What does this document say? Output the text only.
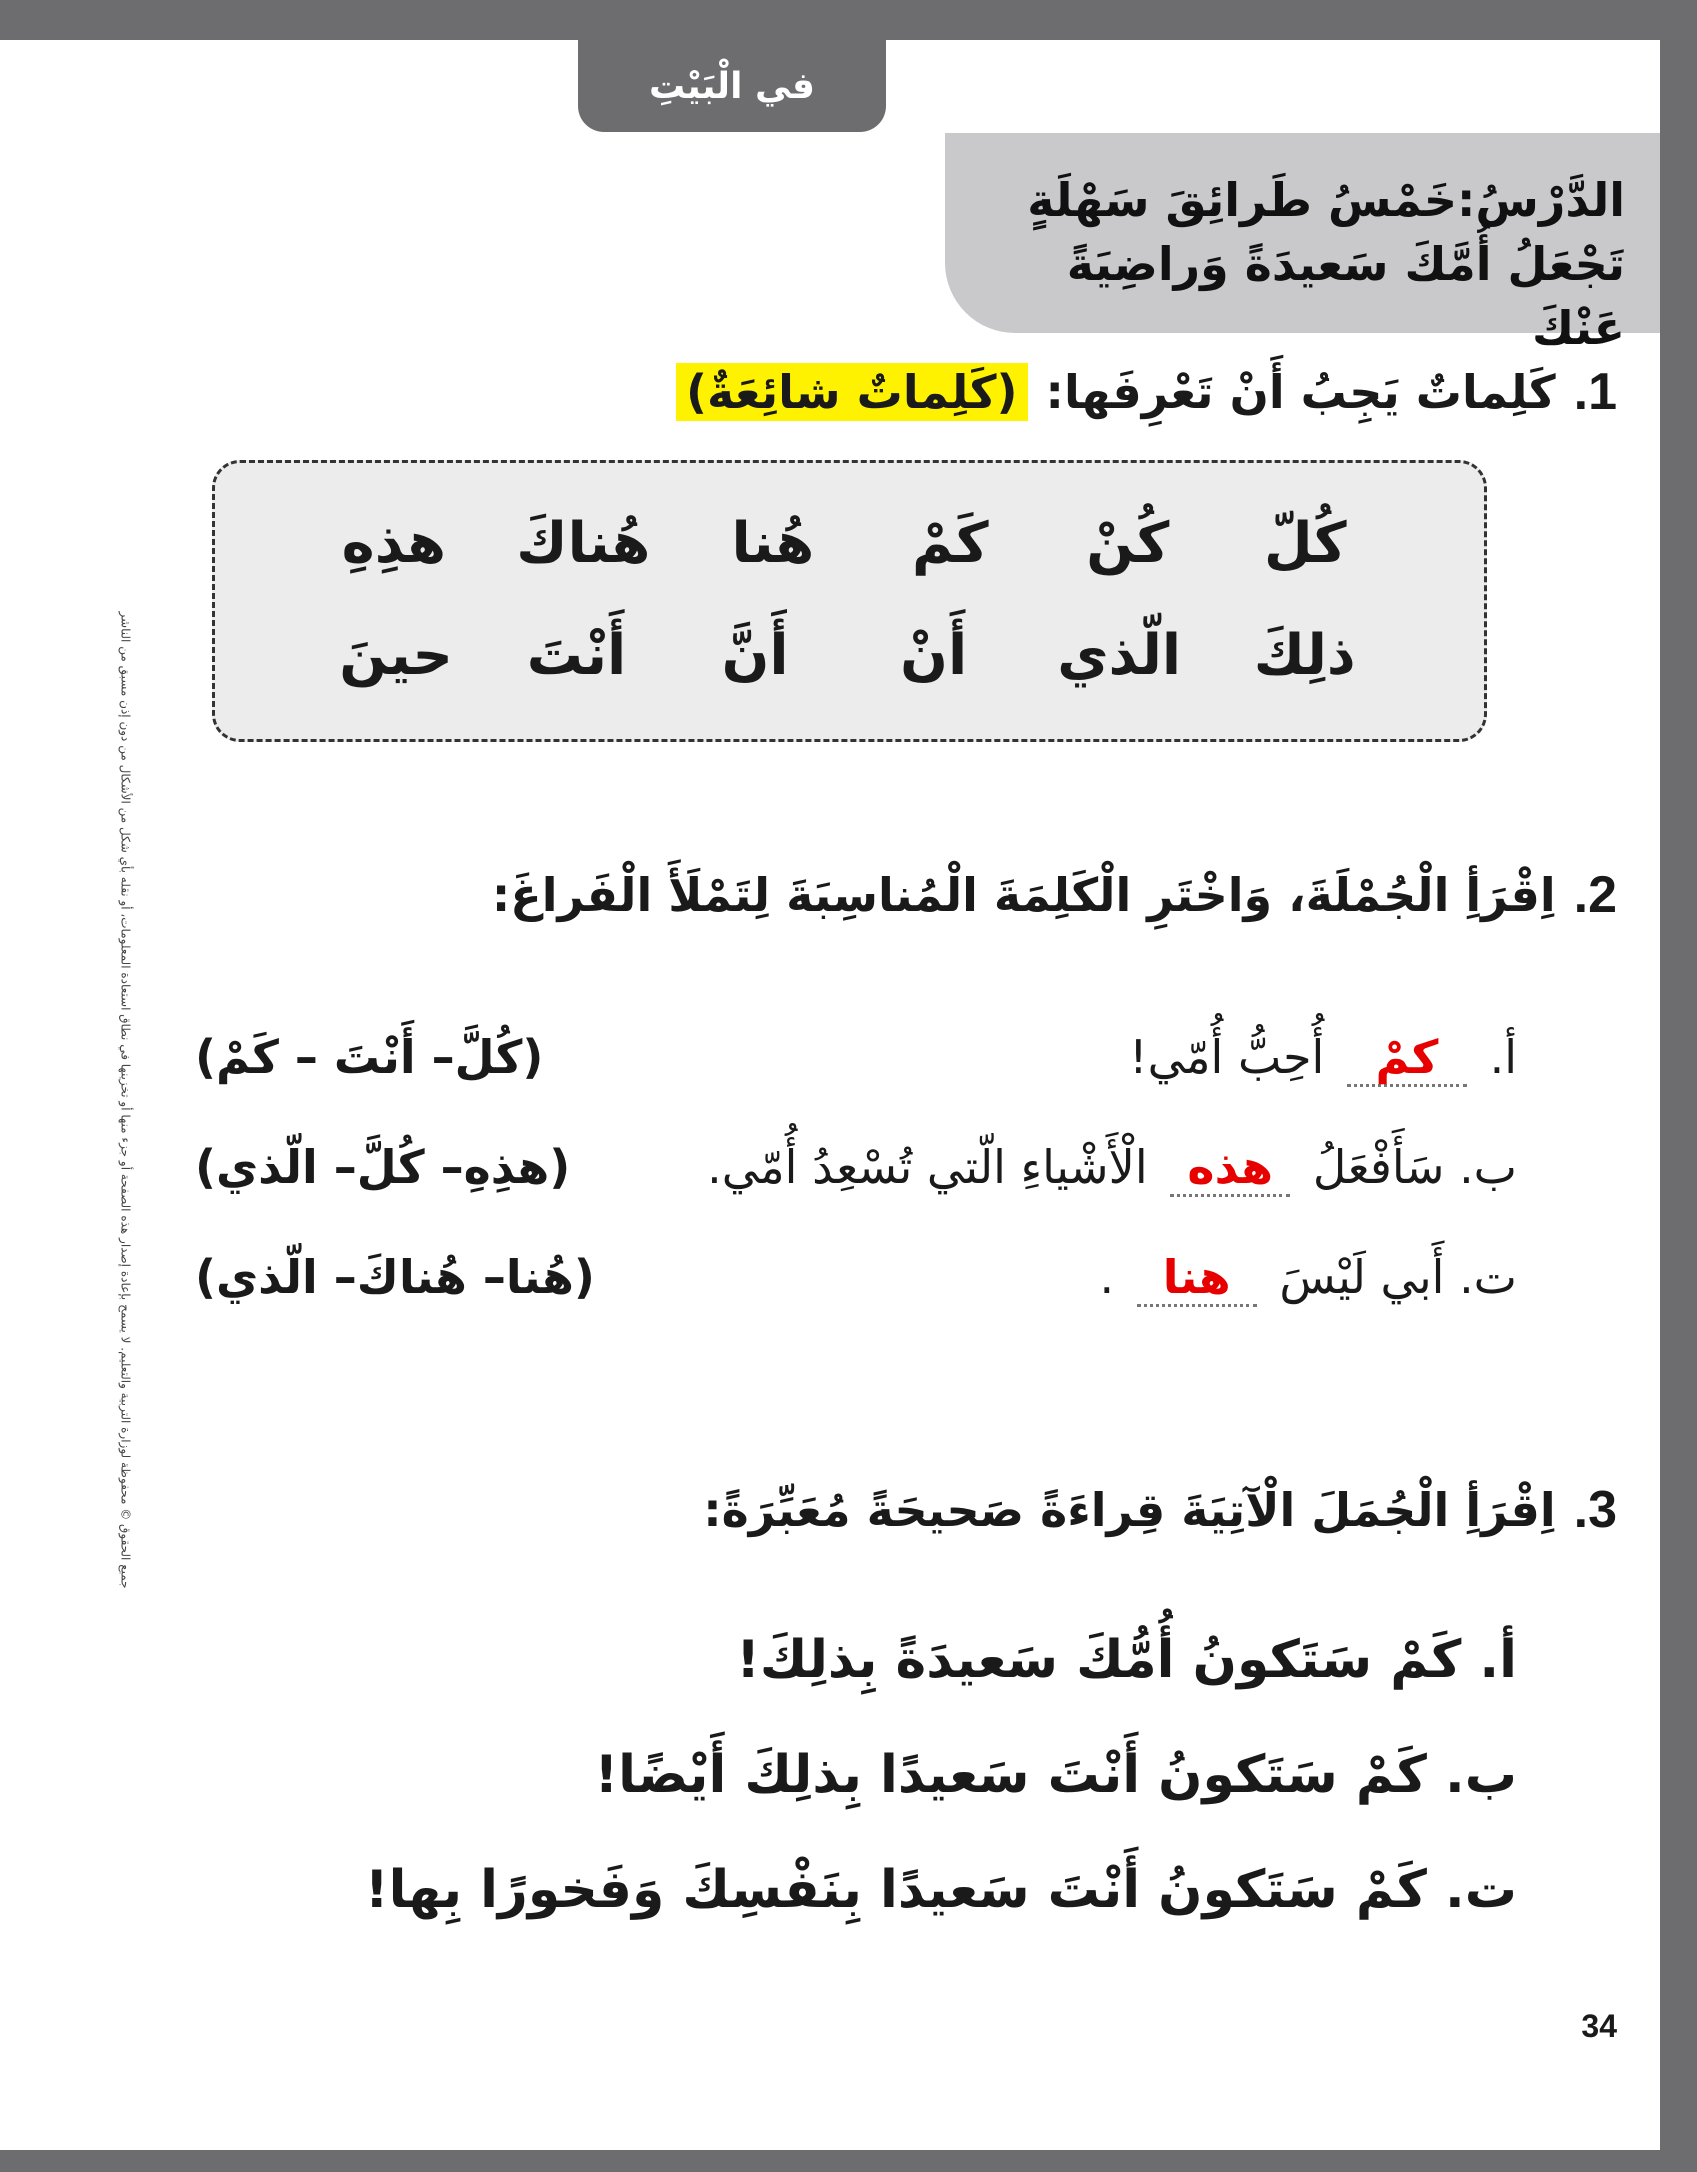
في الْبَيْتِ	الْوَحْدَةُ السّابِعَةُ: أُمّي
الدَّرْسُ:خَمْسُ طَرائِقَ سَهْلَةٍ تَجْعَلُ أُمَّكَ سَعيدَةً وَراضِيَةً عَنْكَ
1.
كَلِماتٌ يَجِبُ أَنْ تَعْرِفَها:
(كَلِماتٌ شائِعَةٌ)
كُلّ
كُنْ
كَمْ
هُنا
هُناكَ
هذِهِ
ذلِكَ
الّذي
أَنْ
أَنَّ
أَنْتَ
حينَ
2.
اِقْرَأِ الْجُمْلَةَ، وَاخْتَرِ الْكَلِمَةَ الْمُناسِبَةَ لِتَمْلَأَ الْفَراغَ:
أ. كمْ أُحِبُّ أُمّي!
(كُلَّ– أَنْتَ – كَمْ)
ب. سَأَفْعَلُ هذه الْأَشْياءِ الّتي تُسْعِدُ أُمّي.
(هذِهِ– كُلَّ– الّذي)
ت. أَبي لَيْسَ هنا .
(هُنا– هُناكَ– الّذي)
3.
اِقْرَأِ الْجُمَلَ الْآتِيَةَ قِراءَةً صَحيحَةً مُعَبِّرَةً:
أ. كَمْ سَتَكونُ أُمُّكَ سَعيدَةً بِذلِكَ!
ب. كَمْ سَتَكونُ أَنْتَ سَعيدًا بِذلِكَ أَيْضًا!
ت. كَمْ سَتَكونُ أَنْتَ سَعيدًا بِنَفْسِكَ وَفَخورًا بِها!
جميع الحقوق © محفوظة لوزارة التربية والتعليم. لا يسمح بإعادة إصدار هذه الصفحة أو جزء منها أو تخزينها في نطاق استعادة المعلومات، أو نقله بأي شكل من الأشكال من دون إذن مسبق من الناشر
34
